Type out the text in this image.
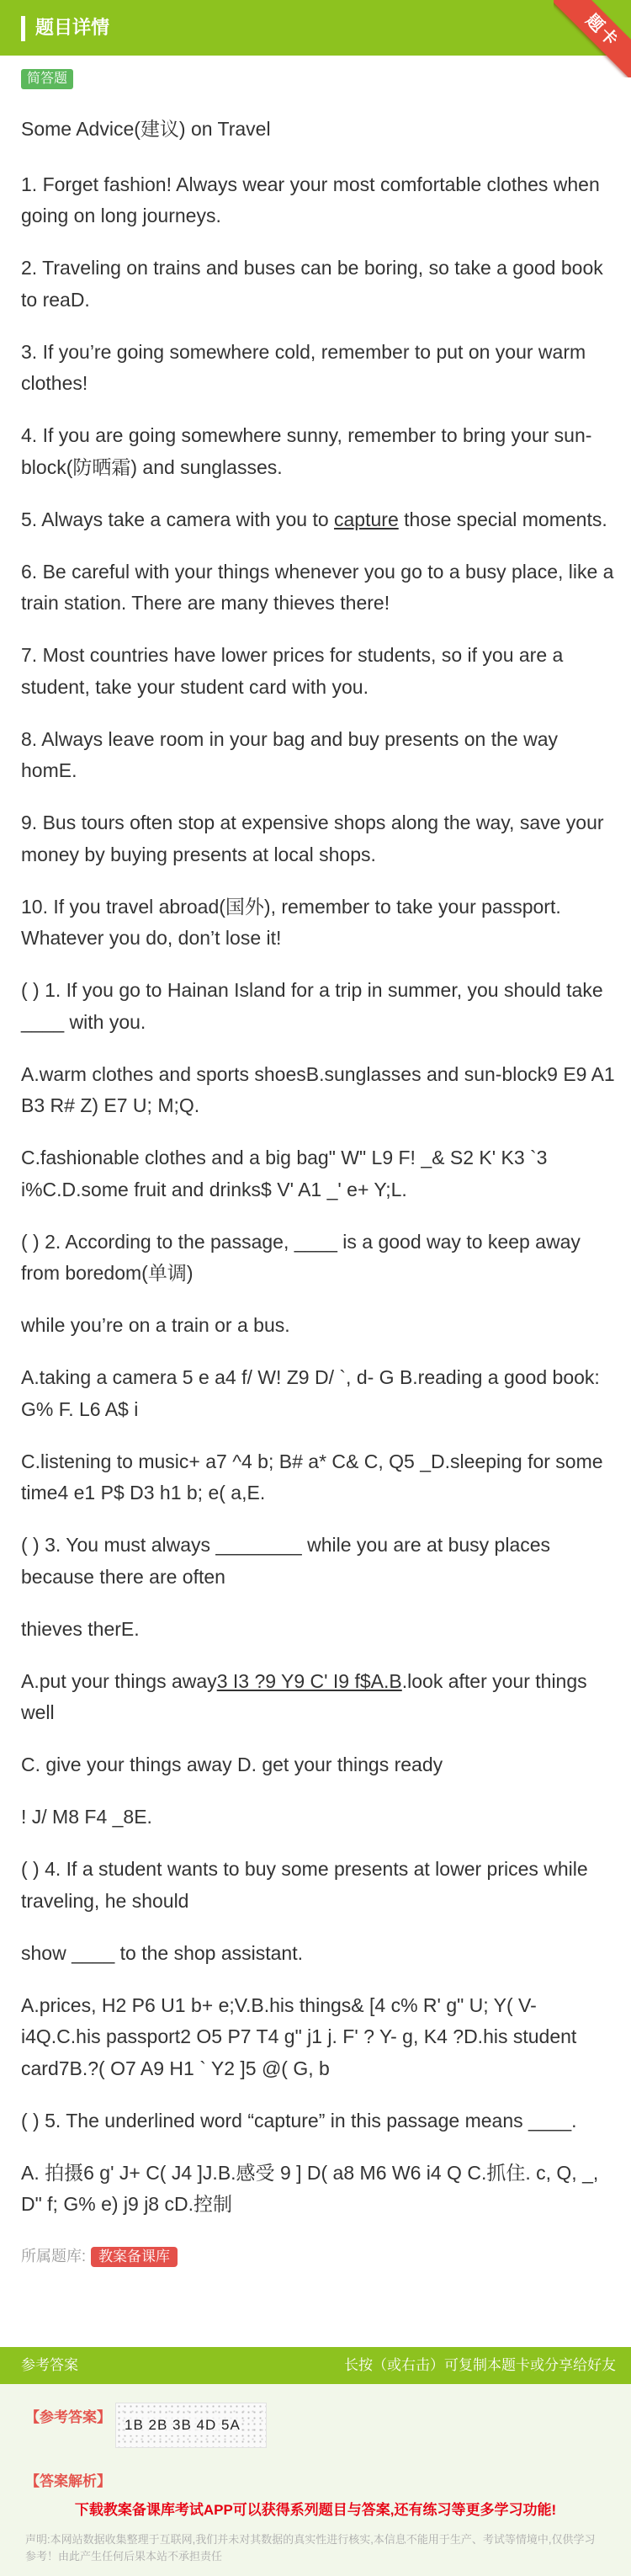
题目详情	题卡
简答题

Some Advice(建议) on Travel

1. Forget fashion! Always wear your most comfortable clothes when going on long journeys.

2. Traveling on trains and buses can be boring, so take a good book to reaD.

3. If you’re going somewhere cold, remember to put on your warm clothes!

4. If you are going somewhere sunny, remember to bring your sun-block(防晒霜) and sunglasses.

5. Always take a camera with you to capture those special moments.

6. Be careful with your things whenever you go to a busy place, like a train station. There are many thieves there!

7. Most countries have lower prices for students, so if you are a student, take your student card with you.

8. Always leave room in your bag and buy presents on the way homE.

9. Bus tours often stop at expensive shops along the way, save your money by buying presents at local shops.

10. If you travel abroad(国外), remember to take your passport. Whatever you do, don’t lose it!

( ) 1. If you go to Hainan Island for a trip in summer, you should take ____ with you.

A.warm clothes and sports shoesB.sunglasses and sun-block9 E9 A1 B3 R# Z) E7 U; M;Q.

C.fashionable clothes and a big bag" W" L9 F! _& S2 K' K3 `3 i%C.D.some fruit and drinks$ V' A1 _' e+ Y;L.

( ) 2. According to the passage, ____ is a good way to keep away from boredom(单调)

while you’re on a train or a bus.

A.taking a camera 5 e a4 f/ W! Z9 D/ `, d- G B.reading a good book: G% F. L6 A$ i

C.listening to music+ a7 ^4 b; B# a* C& C, Q5 _D.sleeping for some time4 e1 P$ D3 h1 b; e( a,E.

( ) 3. You must always ________ while you are at busy places because there are often

thieves therE.

A.put your things away3 I3 ?9 Y9 C' I9 f$A.B.look after your things well

C. give your things away D. get your things ready

! J/ M8 F4 _8E.

( ) 4. If a student wants to buy some presents at lower prices while traveling, he should

show ____ to the shop assistant.

A.prices, H2 P6 U1 b+ e;V.B.his things& [4 c% R' g" U; Y( V- i4Q.C.his passport2 O5 P7 T4 g" j1 j. F' ? Y- g, K4 ?D.his student card7B.?( O7 A9 H1 ` Y2 ]5 @( G, b

( ) 5. The underlined word “capture” in this passage means ____.

A. 拍摄6 g' J+ C( J4 ]J.B.感受 9 ] D( a8 M6 W6 i4 Q C.抓住. c, Q, _, D" f; G% e) j9 j8 cD.控制

所属题库: 教案备课库
参考答案	长按（或右击）可复制本题卡或分享给好友
【参考答案】 1B 2B 3B 4D 5A
【答案解析】
下载教案备课库考试APP可以获得系列题目与答案,还有练习等更多学习功能!
声明:本网站数据收集整理于互联网,我们并未对其数据的真实性进行核实,本信息不能用于生产、考试等情境中,仅供学习参考！由此产生任何后果本站不承担责任
